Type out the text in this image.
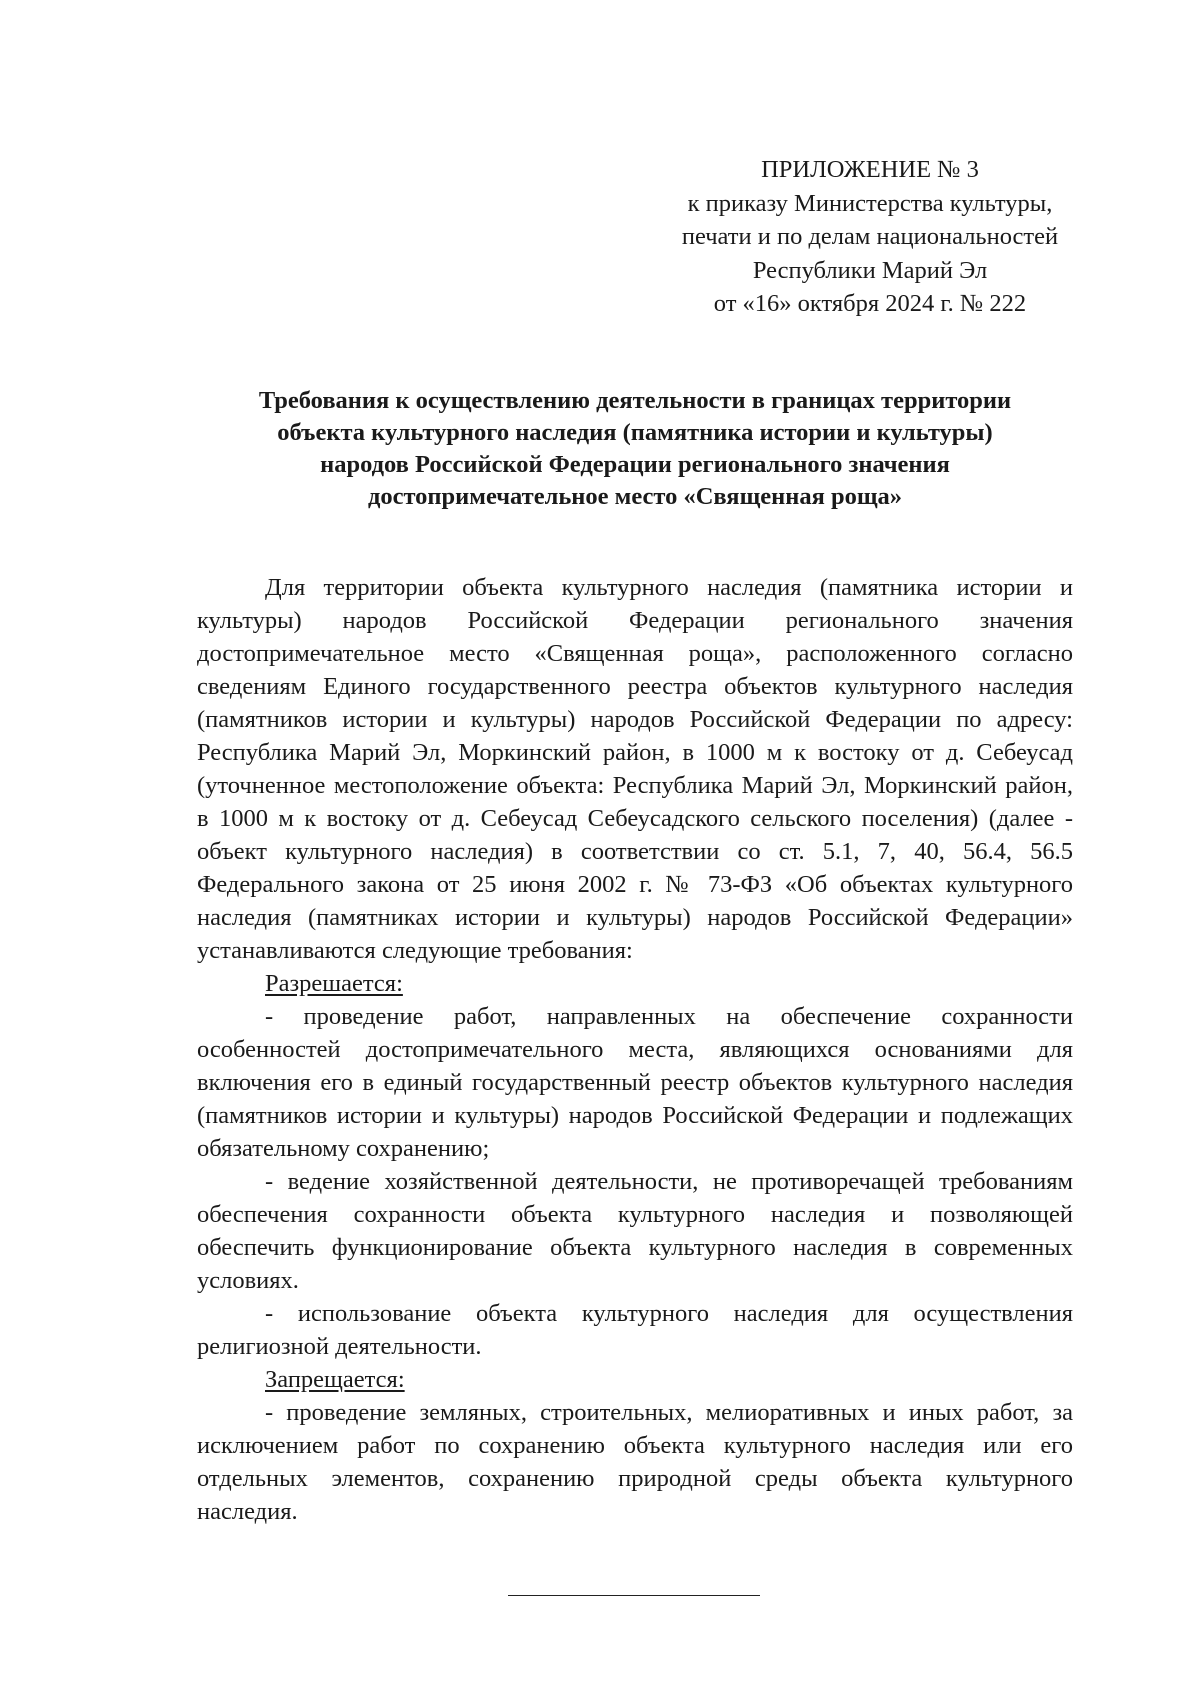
ПРИЛОЖЕНИЕ № 3
к приказу Министерства культуры,
печати и по делам национальностей
Республики Марий Эл
от «16» октября 2024 г. № 222
Требования к осуществлению деятельности в границах территории
объекта культурного наследия (памятника истории и культуры)
народов Российской Федерации регионального значения
достопримечательное место «Священная роща»

Для территории объекта культурного наследия (памятника истории и культуры) народов Российской Федерации регионального значения достопримечательное место «Священная роща», расположенного согласно сведениям Единого государственного реестра объектов культурного наследия (памятников истории и культуры) народов Российской Федерации по адресу: Республика Марий Эл, Моркинский район, в 1000 м к востоку от д. Себеусад (уточненное местоположение объекта: Республика Марий Эл, Моркинский район, в 1000 м к востоку от д. Себеусад Себеусадского сельского поселения) (далее - объект культурного наследия) в соответствии со ст. 5.1, 7, 40, 56.4, 56.5 Федерального закона от 25 июня 2002 г. № 73-ФЗ «Об объектах культурного наследия (памятниках истории и культуры) народов Российской Федерации» устанавливаются следующие требования:

Разрешается:

- проведение работ, направленных на обеспечение сохранности особенностей достопримечательного места, являющихся основаниями для включения его в единый государственный реестр объектов культурного наследия (памятников истории и культуры) народов Российской Федерации и подлежащих обязательному сохранению;

- ведение хозяйственной деятельности, не противоречащей требованиям обеспечения сохранности объекта культурного наследия и позволяющей обеспечить функционирование объекта культурного наследия в современных условиях.

- использование объекта культурного наследия для осуществления религиозной деятельности.

Запрещается:

- проведение земляных, строительных, мелиоративных и иных работ, за исключением работ по сохранению объекта культурного наследия или его отдельных элементов, сохранению природной среды объекта культурного наследия.
